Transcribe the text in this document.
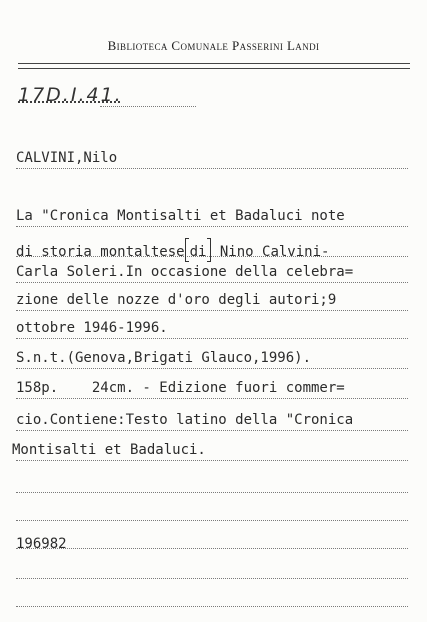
Biblioteca Comunale Passerini Landi
17D.I.41.
CALVINI,Nilo
La "Cronica Montisalti et Badaluci note
di storia montaltese di Nino Calvini-
Carla Soleri.In occasione della celebra=
zione delle nozze d'oro degli autori;9
ottobre 1946-1996.
S.n.t.(Genova,Brigati Glauco,1996).
158p.    24cm. - Edizione fuori commer=
cio.Contiene:Testo latino della "Cronica
Montisalti et Badaluci.
196982
